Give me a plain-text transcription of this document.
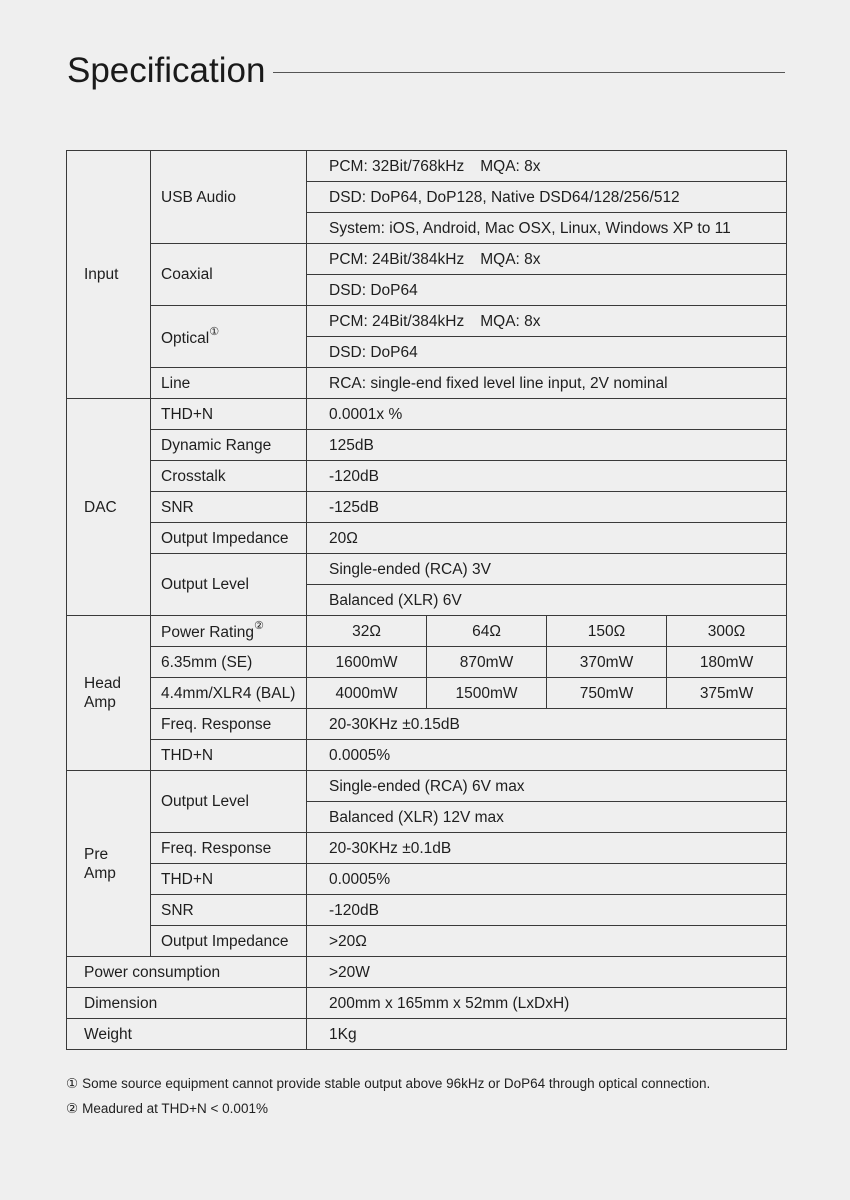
Specification
Input	USB Audio	PCM: 32Bit/768kHz MQA: 8x			
		DSD: DoP64, DoP128, Native DSD64/128/256/512			
		System: iOS, Android, Mac OSX, Linux, Windows XP to 11			
	Coaxial	PCM: 24Bit/384kHz MQA: 8x			
		DSD: DoP64			
	Optical①	PCM: 24Bit/384kHz MQA: 8x			
		DSD: DoP64			
	Line	RCA: single-end fixed level line input, 2V nominal			
DAC	THD+N	0.0001x %			
	Dynamic Range	125dB			
	Crosstalk	-120dB			
	SNR	-125dB			
	Output Impedance	20Ω			
	Output Level	Single-ended (RCA) 3V			
		Balanced (XLR) 6V			
Head
Amp	Power Rating②	32Ω	64Ω	150Ω	300Ω
	6.35mm (SE)	1600mW	870mW	370mW	180mW
	4.4mm/XLR4 (BAL)	4000mW	1500mW	750mW	375mW
	Freq. Response	20-30KHz ±0.15dB			
	THD+N	0.0005%			
Pre
Amp	Output Level	Single-ended (RCA) 6V max			
		Balanced (XLR) 12V max			
	Freq. Response	20-30KHz ±0.1dB			
	THD+N	0.0005%			
	SNR	-120dB			
	Output Impedance	>20Ω			
Power consumption		>20W			
Dimension		200mm x 165mm x 52mm (LxDxH)			
Weight		1Kg			
① Some source equipment cannot provide stable output above 96kHz or DoP64 through optical connection.
② Meadured at THD+N < 0.001%
